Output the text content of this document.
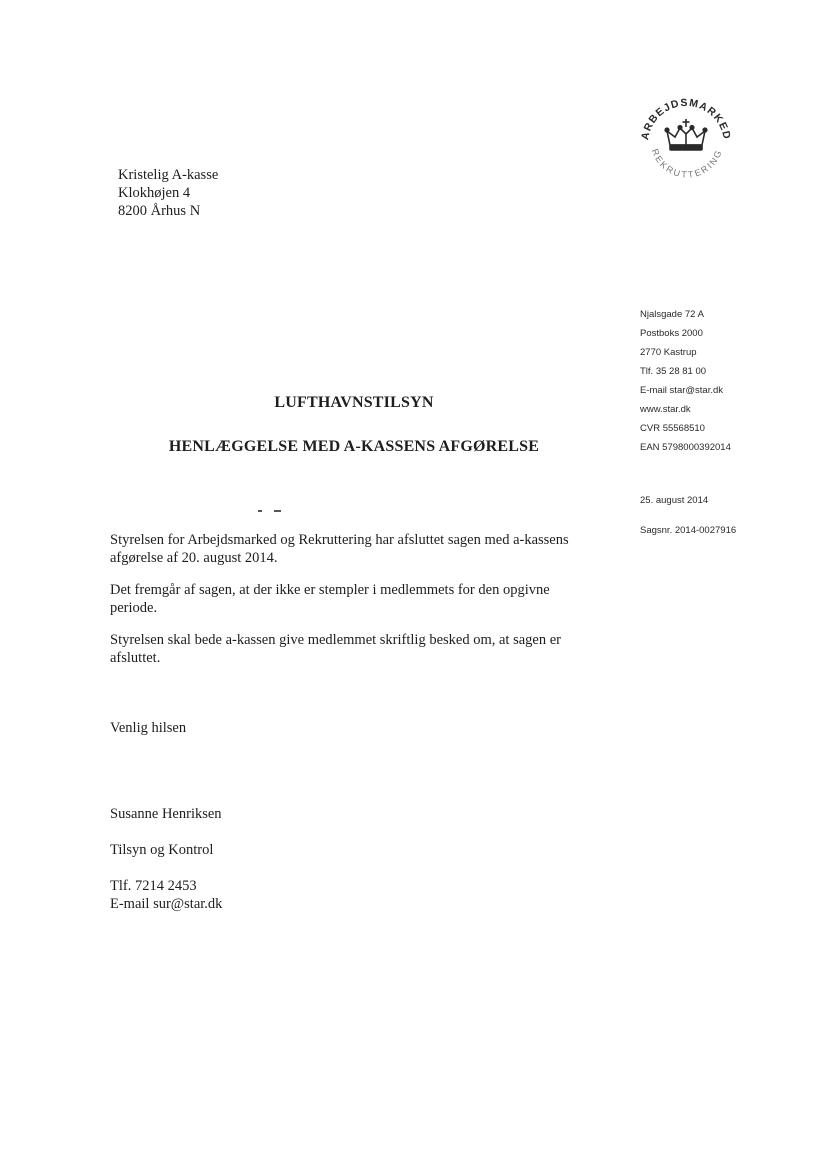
ARBEJDSMARKED
REKRUTTERING
Kristelig A-kasse
Klokhøjen 4
8200 Århus N
Njalsgade 72 A
Postboks 2000
2770 Kastrup
Tlf. 35 28 81 00
E-mail star@star.dk
www.star.dk
CVR 55568510
EAN 5798000392014
25. august 2014
Sagsnr. 2014-0027916
LUFTHAVNSTILSYN
HENLÆGGELSE MED A-KASSENS AFGØRELSE

Styrelsen for Arbejdsmarked og Rekruttering har afsluttet sagen med a-kassens afgørelse af 20. august 2014.

Det fremgår af sagen, at der ikke er stempler i medlemmets for den opgivne periode.

Styrelsen skal bede a-kassen give medlemmet skriftlig besked om, at sagen er afsluttet.

Venlig hilsen
Susanne Henriksen
Tilsyn og Kontrol
Tlf. 7214 2453
E-mail sur@star.dk
